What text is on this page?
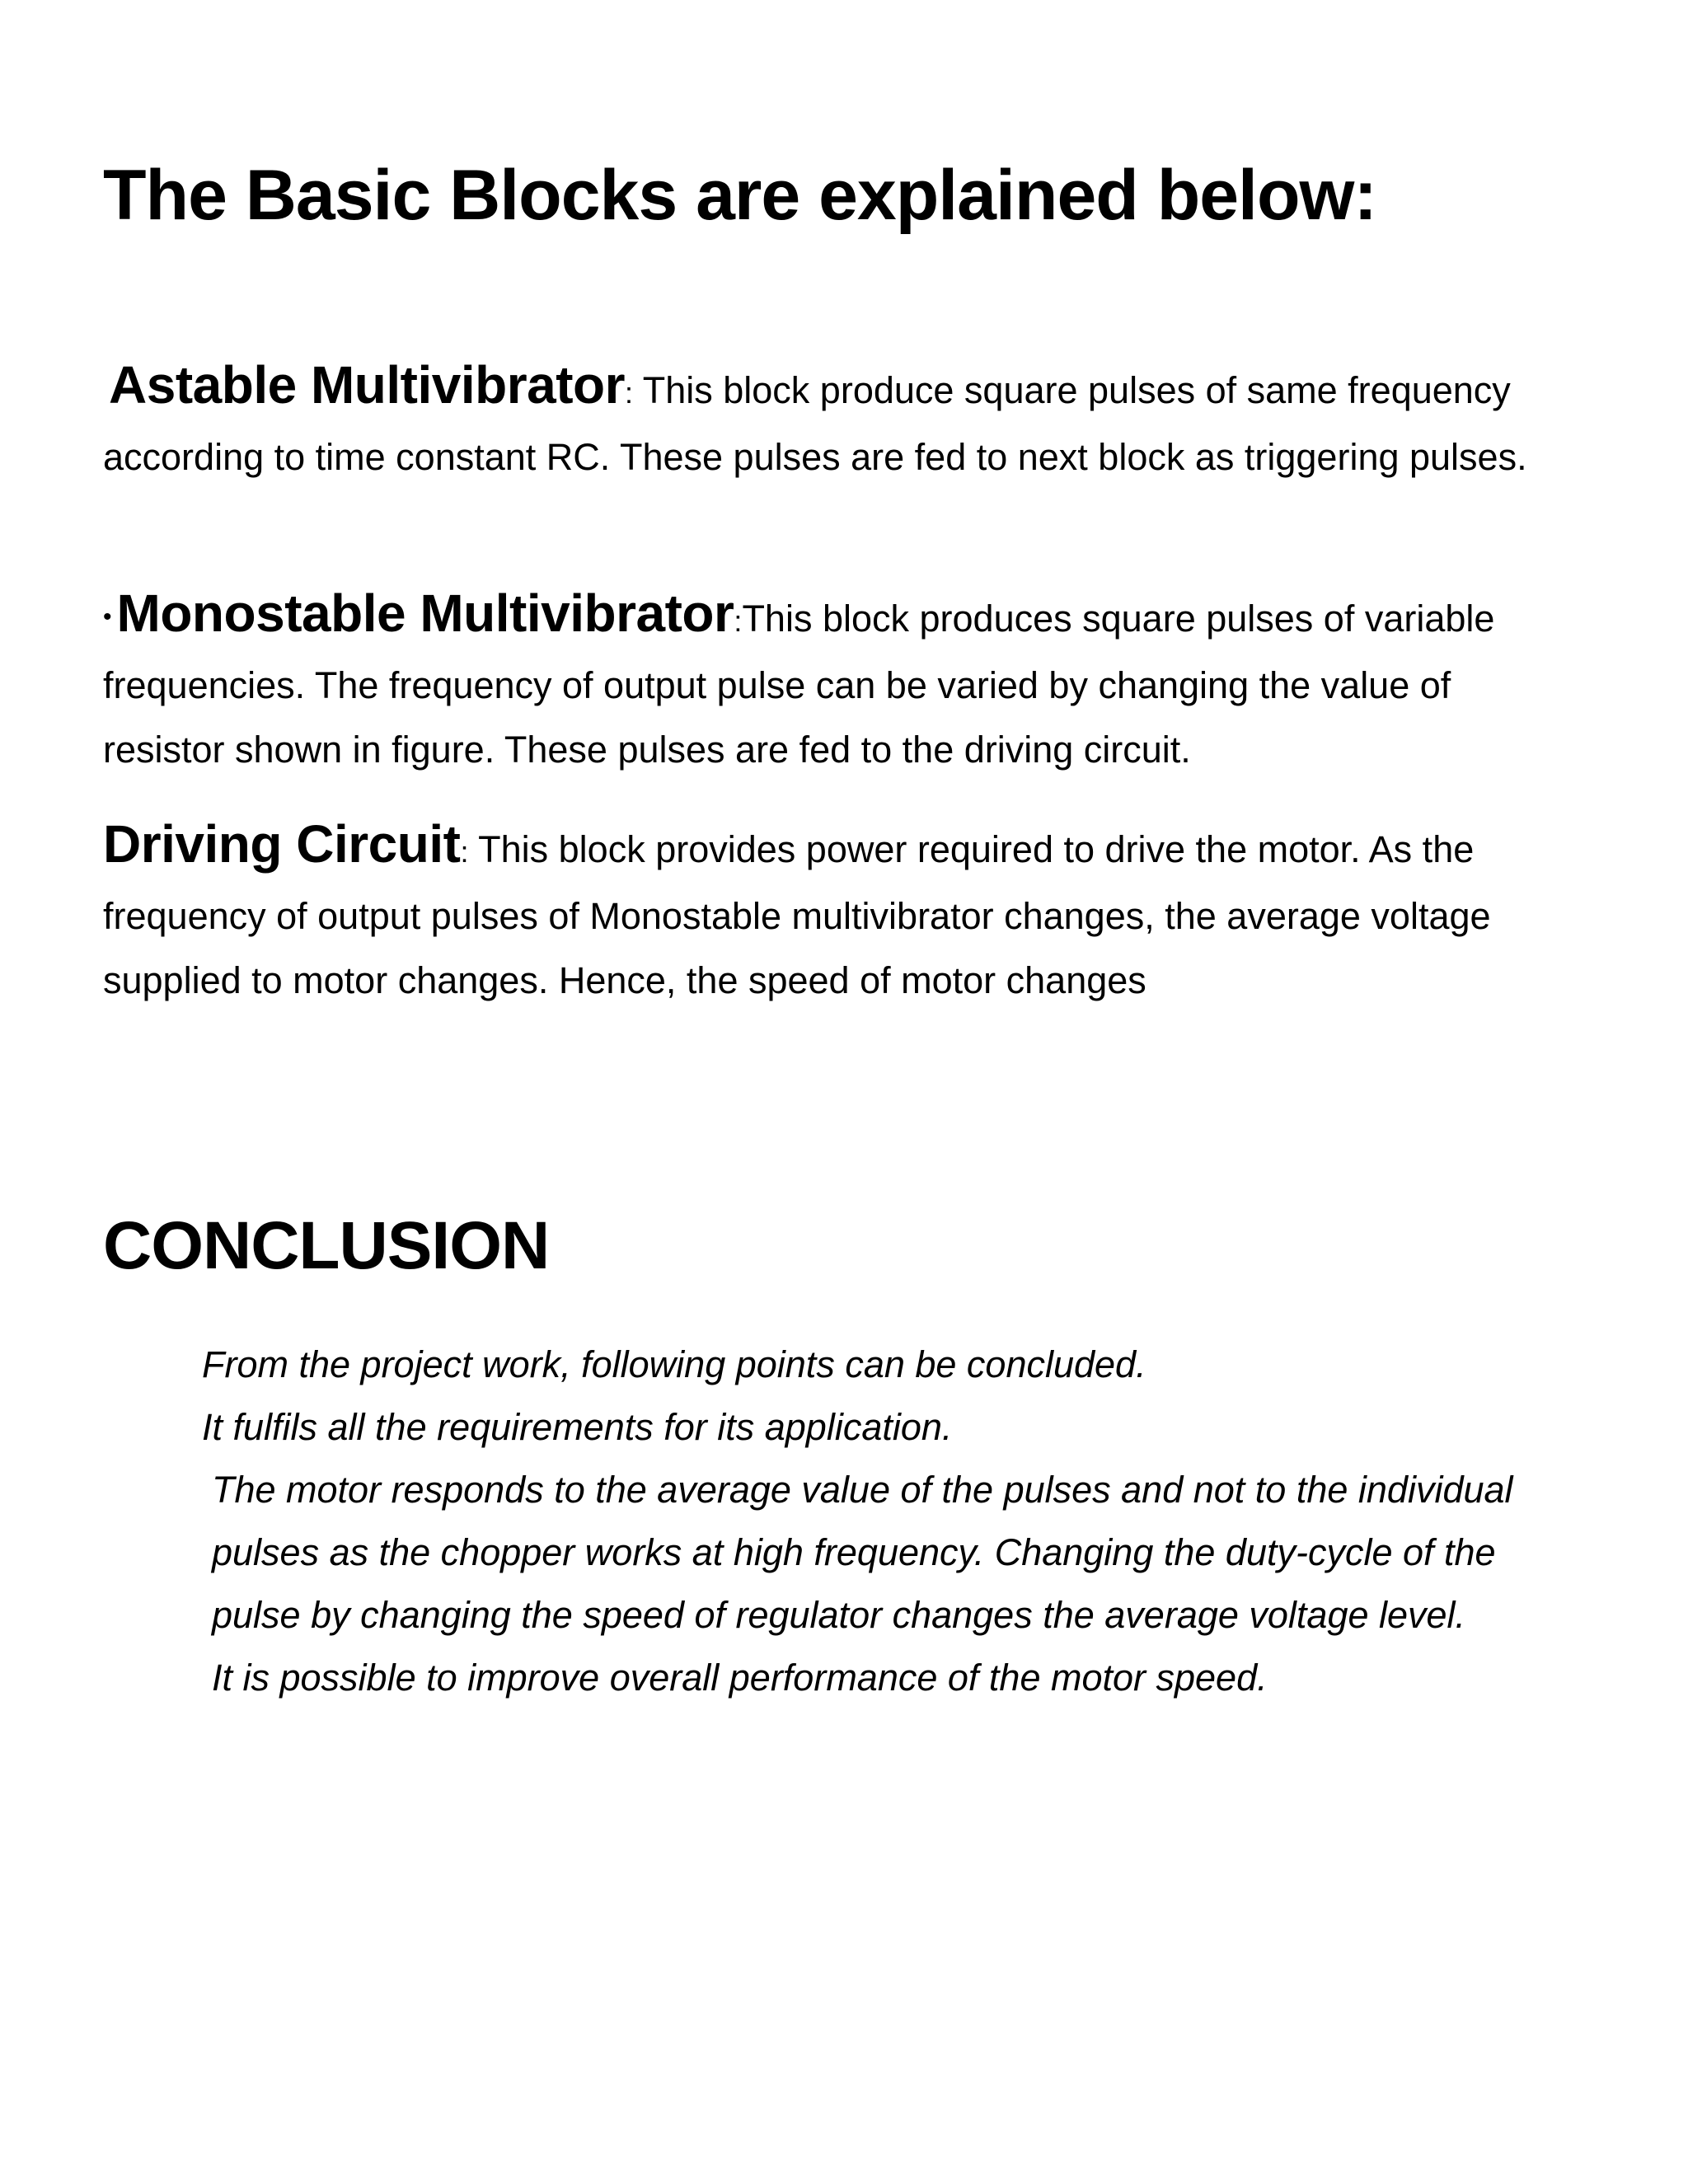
The Basic Blocks are explained below:

Astable Multivibrator: This block produce square pulses of same frequency according to time constant RC. These pulses are fed to next block as triggering pulses.

•Monostable Multivibrator:This block produces square pulses of variable frequencies. The frequency of output pulse can be varied by changing the value of resistor shown in figure. These pulses are fed to the driving circuit.

Driving Circuit: This block provides power required to drive the motor. As the frequency of output pulses of Monostable multivibrator changes, the average voltage supplied to motor changes. Hence, the speed of motor changes

CONCLUSION
From the project work, following points can be concluded.
It fulfils all the requirements for its application.
The motor responds to the average value of the pulses and not to the individual pulses as the chopper works at high frequency. Changing the duty-cycle of the pulse by changing the speed of regulator changes the average voltage level.
It is possible to improve overall performance of the motor speed.
